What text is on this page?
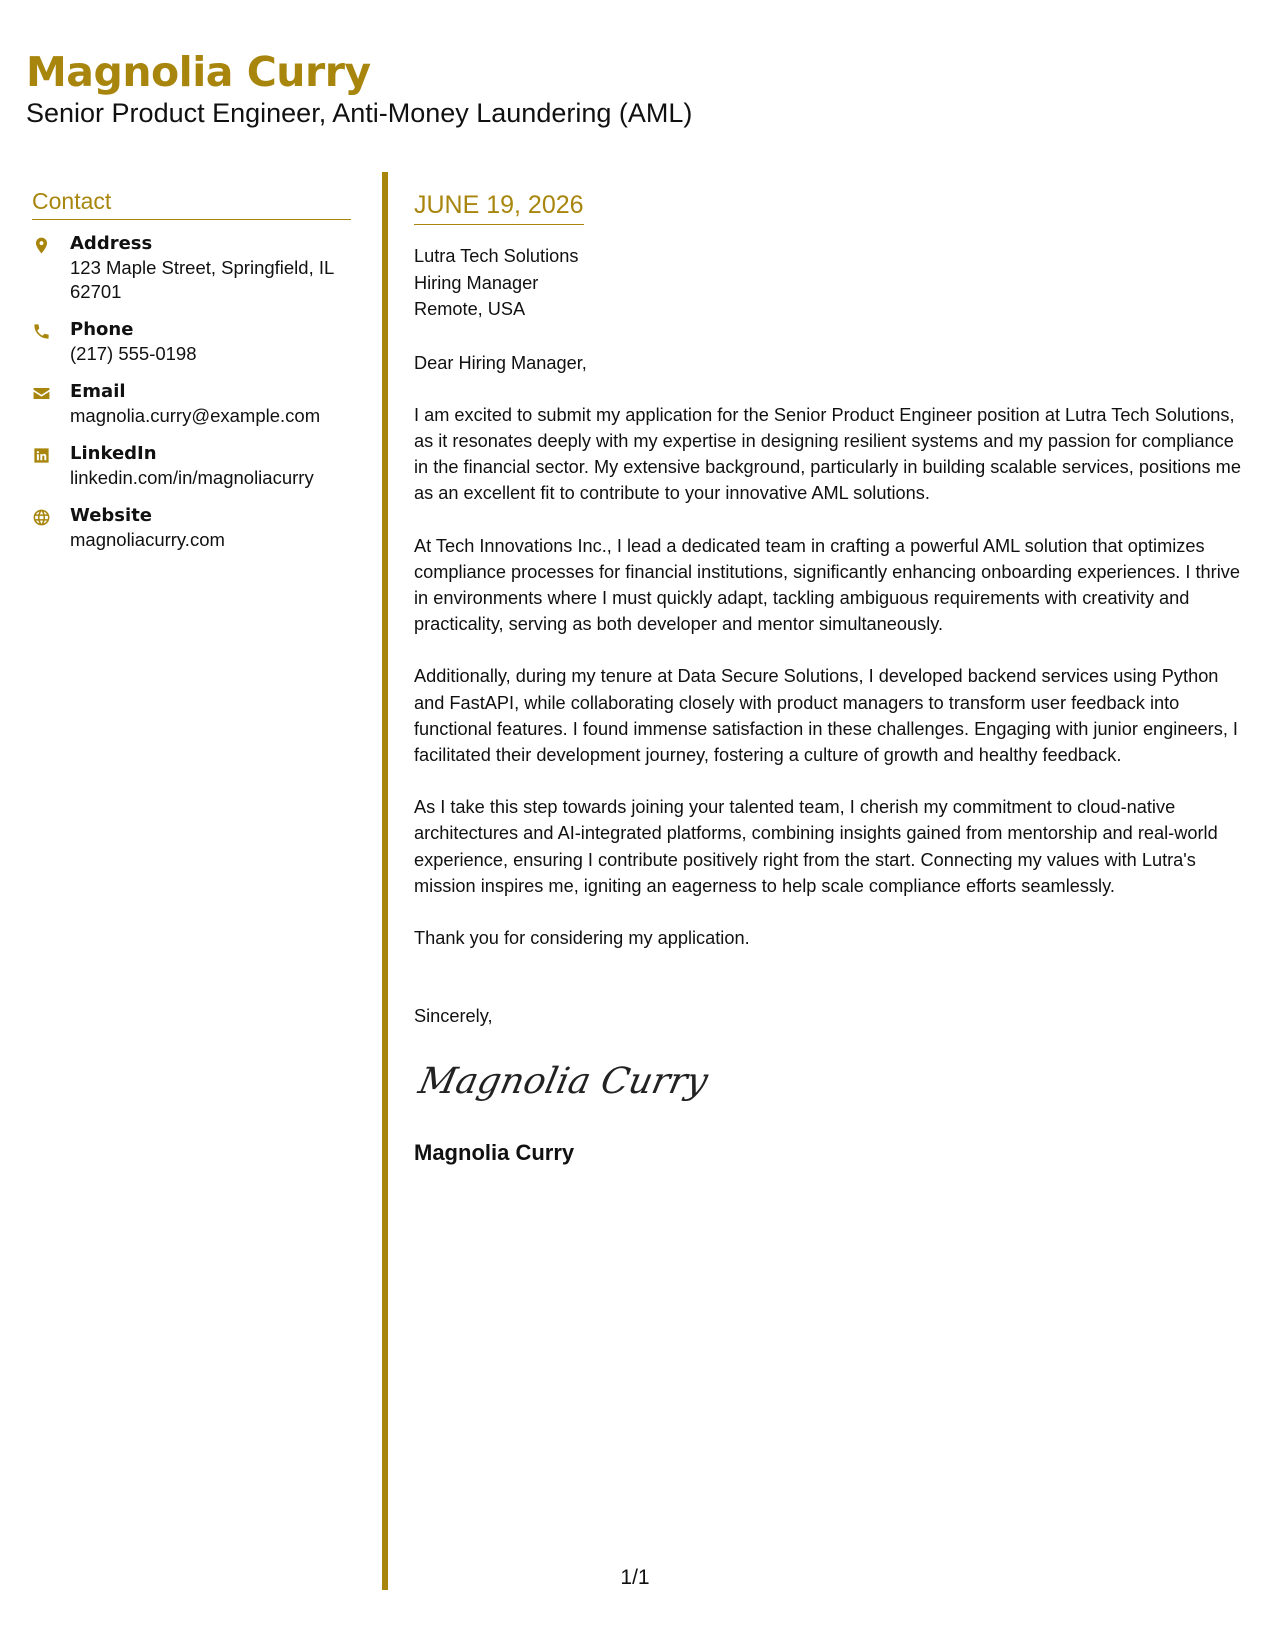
Magnolia Curry
Senior Product Engineer, Anti-Money Laundering (AML)
Contact
Address
123 Maple Street, Springfield, IL 62701
Phone
(217) 555-0198
Email
magnolia.curry@example.com
LinkedIn
linkedin.com/in/magnoliacurry
Website
magnoliacurry.com
JUNE 19, 2026
Lutra Tech Solutions
Hiring Manager
Remote, USA
Dear Hiring Manager,

I am excited to submit my application for the Senior Product Engineer position at Lutra Tech Solutions, as it resonates deeply with my expertise in designing resilient systems and my passion for compliance in the financial sector. My extensive background, particularly in building scalable services, positions me as an excellent fit to contribute to your innovative AML solutions.

At Tech Innovations Inc., I lead a dedicated team in crafting a powerful AML solution that optimizes compliance processes for financial institutions, significantly enhancing onboarding experiences. I thrive in environments where I must quickly adapt, tackling ambiguous requirements with creativity and practicality, serving as both developer and mentor simultaneously.

Additionally, during my tenure at Data Secure Solutions, I developed backend services using Python and FastAPI, while collaborating closely with product managers to transform user feedback into functional features. I found immense satisfaction in these challenges. Engaging with junior engineers, I facilitated their development journey, fostering a culture of growth and healthy feedback.

As I take this step towards joining your talented team, I cherish my commitment to cloud-native architectures and AI-integrated platforms, combining insights gained from mentorship and real-world experience, ensuring I contribute positively right from the start. Connecting my values with Lutra's mission inspires me, igniting an eagerness to help scale compliance efforts seamlessly.

Thank you for considering my application.

Sincerely,
Magnolia Curry
Magnolia Curry
1/1
